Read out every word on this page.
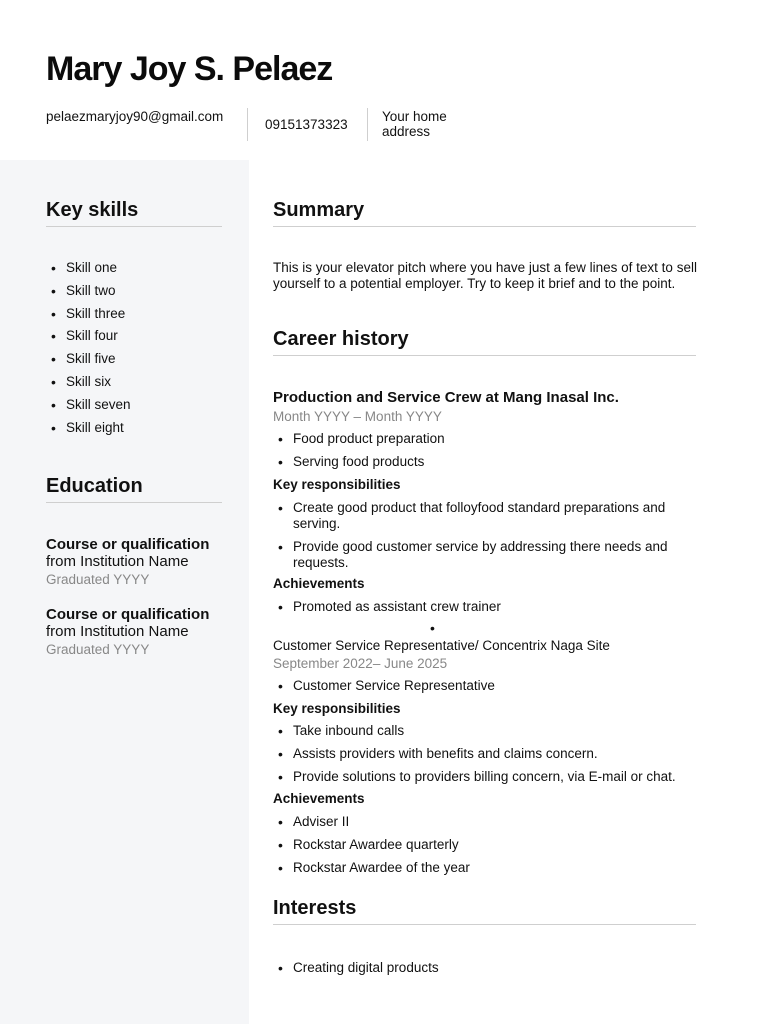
Mary Joy S. Pelaez
pelaezmaryjoy90@gmail.com
09151373323
Your home address
Key skills
• Skill one
• Skill two
• Skill three
• Skill four
• Skill five
• Skill six
• Skill seven
• Skill eight
Education
Course or qualification
from Institution Name
Graduated YYYY
Course or qualification
from Institution Name
Graduated YYYY
Summary
This is your elevator pitch where you have just a few lines of text to sell yourself to a potential employer. Try to keep it brief and to the point.
Career history
Production and Service Crew at Mang Inasal Inc.
Month YYYY – Month YYYY
• Food product preparation
• Serving food products
Key responsibilities
• Create good product that folloyfood standard preparations and serving.
• Provide good customer service by addressing there needs and requests.
Achievements
• Promoted as assistant crew trainer
•
Customer Service Representative/ Concentrix Naga Site
September 2022– June 2025
• Customer Service Representative
Key responsibilities
• Take inbound calls
• Assists providers with benefits and claims concern.
• Provide solutions to providers billing concern, via E-mail or chat.
Achievements
• Adviser II
• Rockstar Awardee quarterly
• Rockstar Awardee of the year
Interests
• Creating digital products
